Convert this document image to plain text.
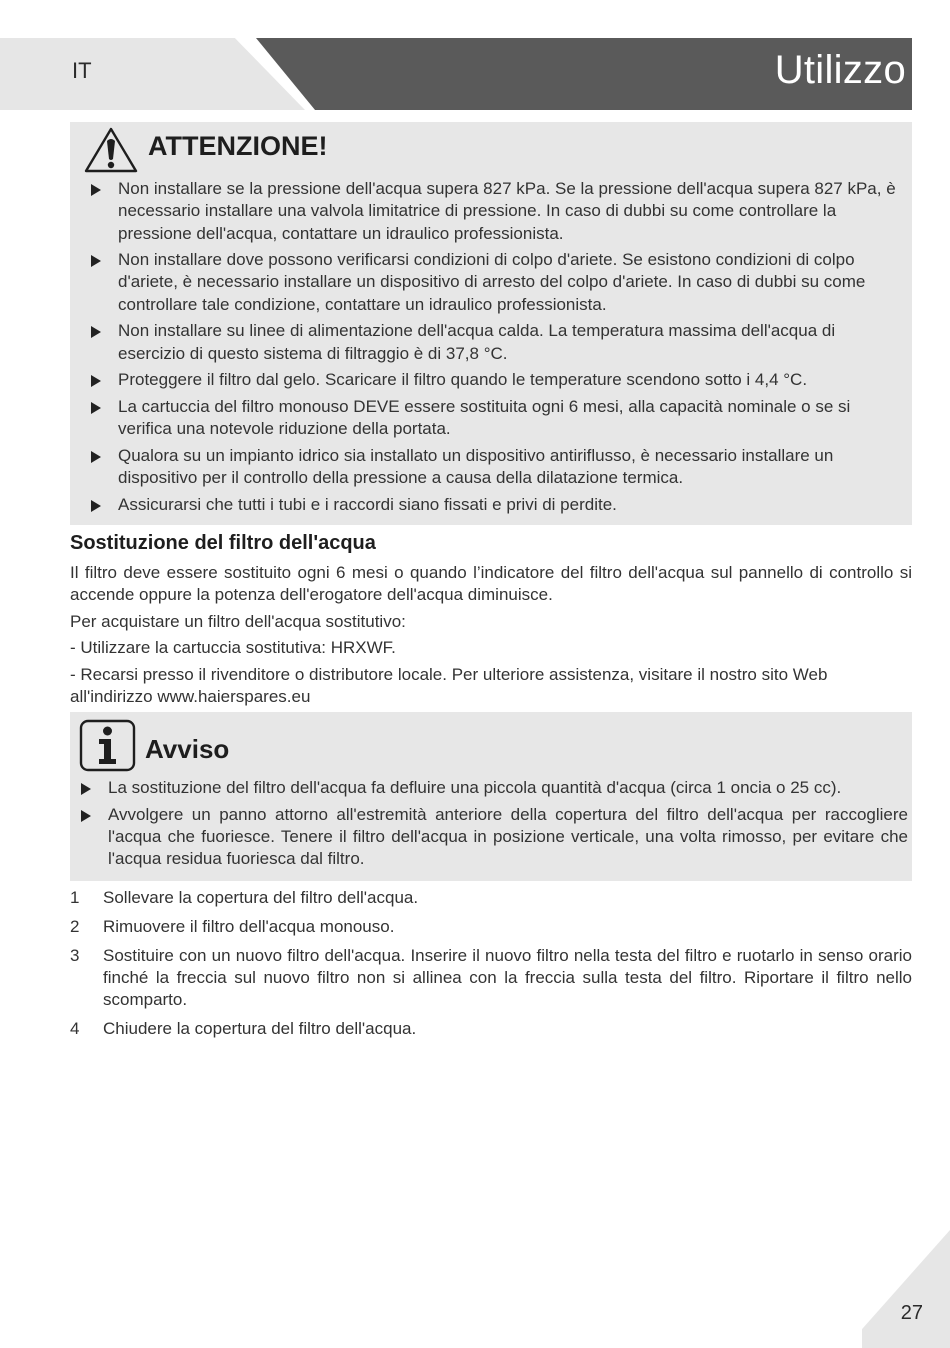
IT	Utilizzo
ATTENZIONE!
Non installare se la pressione dell'acqua supera 827 kPa. Se la pressione dell'acqua supera 827 kPa, è necessario installare una valvola limitatrice di pressione. In caso di dubbi su come controllare la pressione dell'acqua, contattare un idraulico professionista.
Non installare dove possono verificarsi condizioni di colpo d'ariete. Se esistono condizioni di colpo d'ariete, è necessario installare un dispositivo di arresto del colpo d'ariete. In caso di dubbi su come controllare tale condizione, contattare un idraulico professionista.
Non installare su linee di alimentazione dell'acqua calda. La temperatura massima dell'acqua di esercizio di questo sistema di filtraggio è di 37,8 °C.
Proteggere il filtro dal gelo. Scaricare il filtro quando le temperature scendono sotto i 4,4 °C.
La cartuccia del filtro monouso DEVE essere sostituita ogni 6 mesi, alla capacità nominale o se si verifica una notevole riduzione della portata.
Qualora su un impianto idrico sia installato un dispositivo antiriflusso, è necessario installare un dispositivo per il controllo della pressione a causa della dilatazione termica.
Assicurarsi che tutti i tubi e i raccordi siano fissati e privi di perdite.
Sostituzione del filtro dell'acqua
Il filtro deve essere sostituito ogni 6 mesi o quando l’indicatore del filtro dell'acqua sul pannello di controllo si accende oppure la potenza dell'erogatore dell'acqua diminuisce.
Per acquistare un filtro dell'acqua sostitutivo:
- Utilizzare la cartuccia sostitutiva: HRXWF.
- Recarsi presso il rivenditore o distributore locale. Per ulteriore assistenza, visitare il nostro sito Web all'indirizzo www.haierspares.eu
Avviso
La sostituzione del filtro dell'acqua fa defluire una piccola quantità d'acqua (circa 1 oncia o 25 cc).
Avvolgere un panno attorno all'estremità anteriore della copertura del filtro dell'acqua per raccogliere l'acqua che fuoriesce. Tenere il filtro dell'acqua in posizione verticale, una volta rimosso, per evitare che l'acqua residua fuoriesca dal filtro.
1 Sollevare la copertura del filtro dell'acqua.
2 Rimuovere il filtro dell'acqua monouso.
3 Sostituire con un nuovo filtro dell'acqua. Inserire il nuovo filtro nella testa del filtro e ruotarlo in senso orario finché la freccia sul nuovo filtro non si allinea con la freccia sulla testa del filtro. Riportare il filtro nello scomparto.
4 Chiudere la copertura del filtro dell'acqua.
27
